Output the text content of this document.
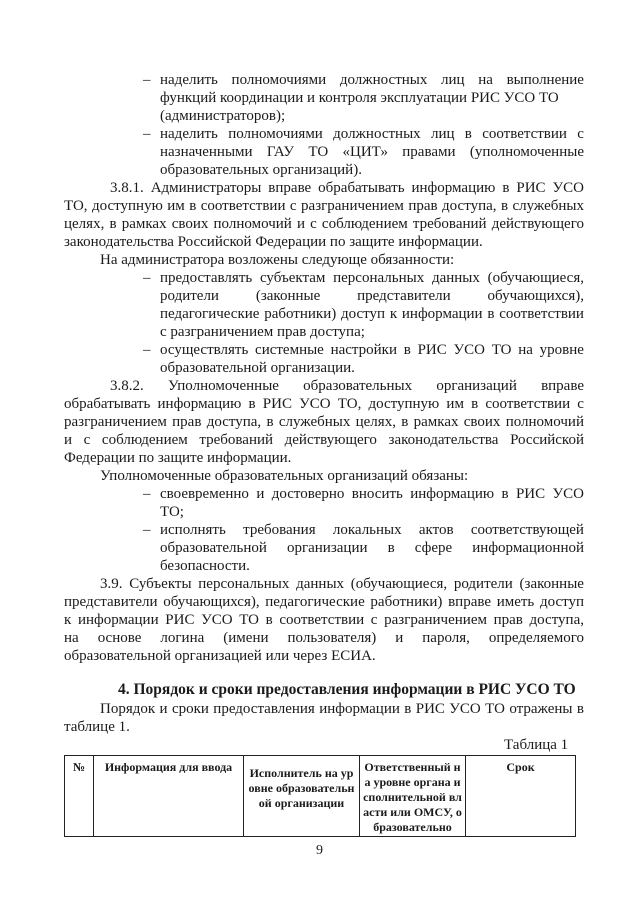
– наделить полномочиями должностных лиц на выполнение
функций координации и контроля эксплуатации РИС УСО ТО
(администраторов);
– наделить полномочиями должностных лиц в соответствии с
назначенными ГАУ ТО «ЦИТ» правами (уполномоченные
образовательных организаций).
3.8.1. Администраторы вправе обрабатывать информацию в РИС УСО
ТО, доступную им в соответствии с разграничением прав доступа, в служебных
целях, в рамках своих полномочий и с соблюдением требований действующего
законодательства Российской Федерации по защите информации.
На администратора возложены следующе обязанности:
– предоставлять субъектам персональных данных (обучающиеся,
родители (законные представители обучающихся),
педагогические работники) доступ к информации в соответствии
с разграничением прав доступа;
– осуществлять системные настройки в РИС УСО ТО на уровне
образовательной организации.
3.8.2. Уполномоченные образовательных организаций вправе
обрабатывать информацию в РИС УСО ТО, доступную им в соответствии с
разграничением прав доступа, в служебных целях, в рамках своих полномочий
и с соблюдением требований действующего законодательства Российской
Федерации по защите информации.
Уполномоченные образовательных организаций обязаны:
– своевременно и достоверно вносить информацию в РИС УСО
ТО;
– исполнять требования локальных актов соответствующей
образовательной организации в сфере информационной
безопасности.
3.9. Субъекты персональных данных (обучающиеся, родители (законные
представители обучающихся), педагогические работники) вправе иметь доступ
к информации РИС УСО ТО в соответствии с разграничением прав доступа,
на основе логина (имени пользователя) и пароля, определяемого
образовательной организацией или через ЕСИА.
4. Порядок и сроки предоставления информации в РИС УСО ТО
Порядок и сроки предоставления информации в РИС УСО ТО отражены в
таблице 1.
Таблица 1
№	Информация для ввода	Исполнитель на уровне образовательной организации	Ответственный на уровне органа исполнительной власти или ОМСУ, образовательно	Срок
9
